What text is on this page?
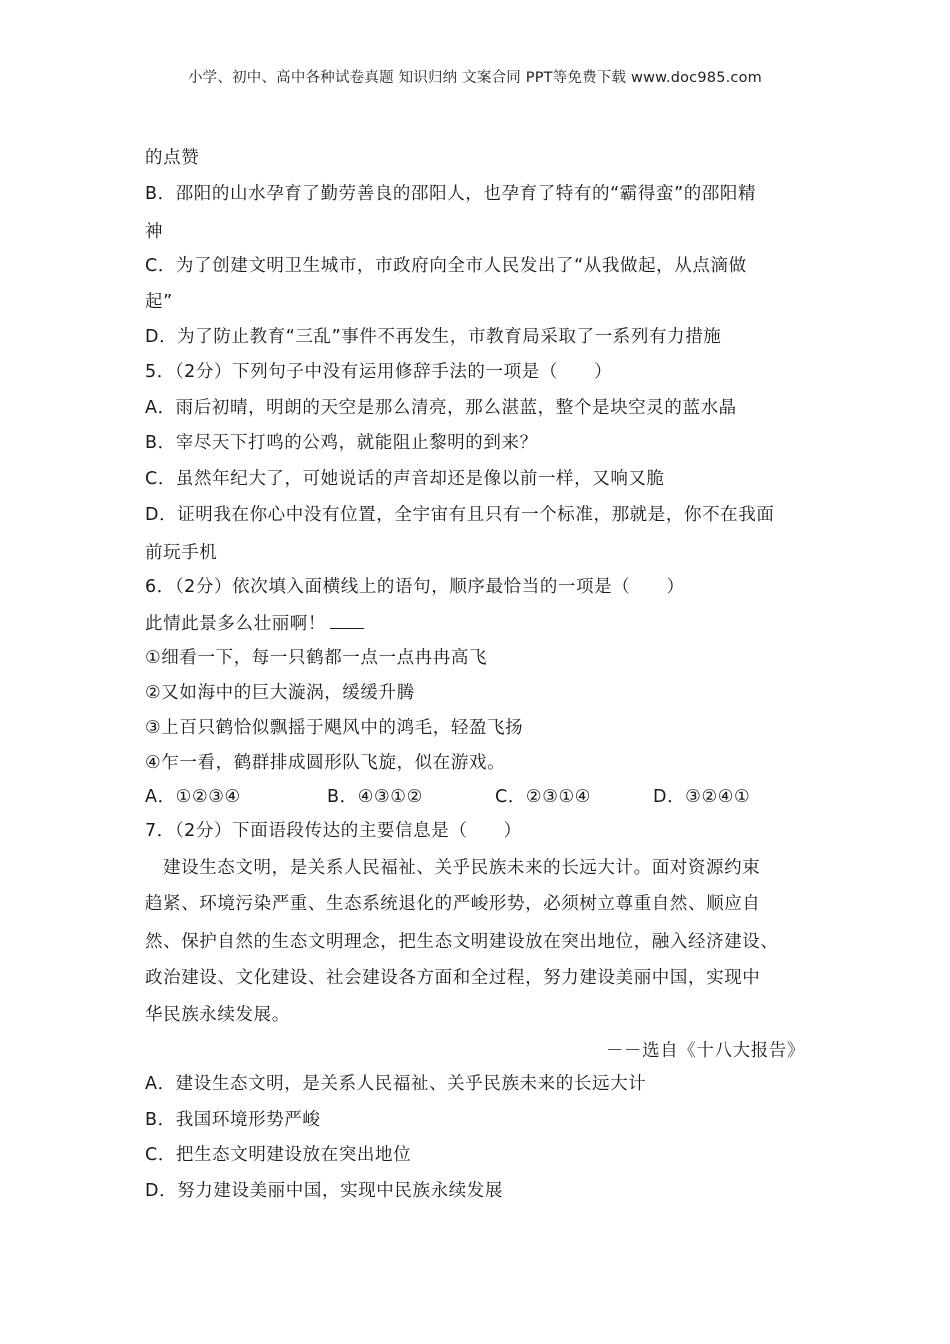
小学、初中、高中各种试卷真题 知识归纳 文案合同 PPT等免费下载 www.doc985.com
的点赞
B．邵阳的山水孕育了勤劳善良的邵阳人，也孕育了特有的“霸得蛮”的邵阳精
神
C．为了创建文明卫生城市，市政府向全市人民发出了“从我做起，从点滴做
起”
D．为了防止教育“三乱”事件不再发生，市教育局采取了一系列有力措施
5．（2分）下列句子中没有运用修辞手法的一项是（　　）
A．雨后初晴，明朗的天空是那么清亮，那么湛蓝，整个是块空灵的蓝水晶
B．宰尽天下打鸣的公鸡，就能阻止黎明的到来？
C．虽然年纪大了，可她说话的声音却还是像以前一样，又响又脆
D．证明我在你心中没有位置，全宇宙有且只有一个标准，那就是，你不在我面
前玩手机
6．（2分）依次填入面横线上的语句，顺序最恰当的一项是（　　）
此情此景多么壮丽啊！
①细看一下，每一只鹤都一点一点冉冉高飞
②又如海中的巨大漩涡，缓缓升腾
③上百只鹤恰似飘摇于飓风中的鸿毛，轻盈飞扬
④乍一看，鹤群排成圆形队飞旋，似在游戏。
A．①②③④	B．④③①②	C．②③①④	D．③②④①
7．（2分）下面语段传达的主要信息是（　　）
建设生态文明，是关系人民福祉、关乎民族未来的长远大计。面对资源约束
趋紧、环境污染严重、生态系统退化的严峻形势，必须树立尊重自然、顺应自
然、保护自然的生态文明理念，把生态文明建设放在突出地位，融入经济建设、
政治建设、文化建设、社会建设各方面和全过程，努力建设美丽中国，实现中
华民族永续发展。
－－选自《十八大报告》
A．建设生态文明，是关系人民福祉、关乎民族未来的长远大计
B．我国环境形势严峻
C．把生态文明建设放在突出地位
D．努力建设美丽中国，实现中民族永续发展
